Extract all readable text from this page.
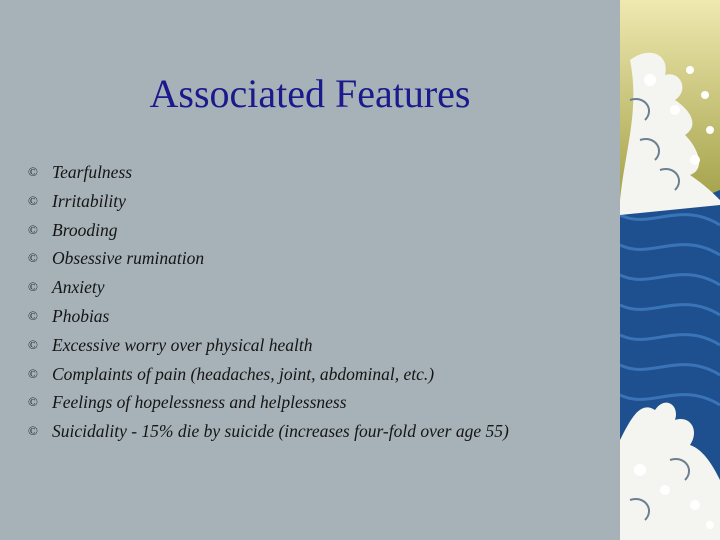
Associated Features
© Tearfulness
© Irritability
© Brooding
© Obsessive rumination
© Anxiety
© Phobias
© Excessive worry over physical health
© Complaints of pain (headaches, joint, abdominal, etc.)
© Feelings of hopelessness and helplessness
© Suicidality - 15% die by suicide (increases four-fold over age 55)
